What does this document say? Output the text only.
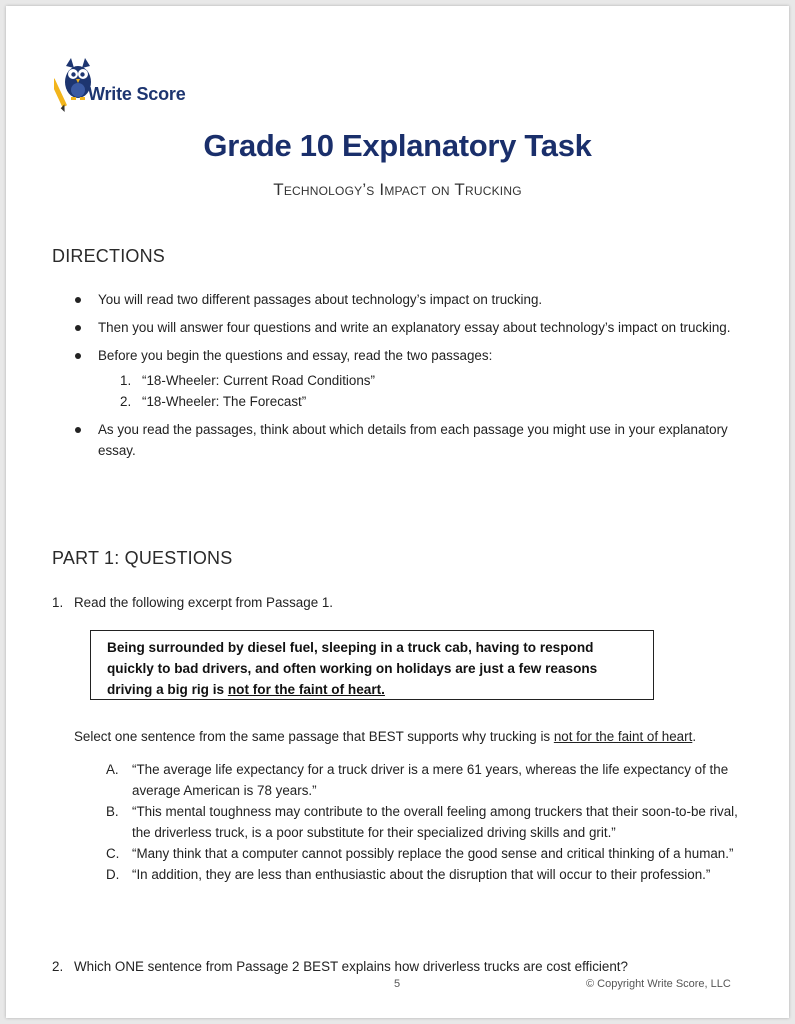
Write Score
Grade 10 Explanatory Task
Technology’s Impact on Trucking
DIRECTIONS
You will read two different passages about technology’s impact on trucking.
Then you will answer four questions and write an explanatory essay about technology’s impact on trucking.
Before you begin the questions and essay, read the two passages:
1. “18-Wheeler: Current Road Conditions”
2. “18-Wheeler: The Forecast”
As you read the passages, think about which details from each passage you might use in your explanatory essay.
PART 1: QUESTIONS
1. Read the following excerpt from Passage 1.
Being surrounded by diesel fuel, sleeping in a truck cab, having to respond quickly to bad drivers, and often working on holidays are just a few reasons driving a big rig is not for the faint of heart.
Select one sentence from the same passage that BEST supports why trucking is not for the faint of heart.
A. “The average life expectancy for a truck driver is a mere 61 years, whereas the life expectancy of the average American is 78 years.”
B. “This mental toughness may contribute to the overall feeling among truckers that their soon-to-be rival, the driverless truck, is a poor substitute for their specialized driving skills and grit.”
C. “Many think that a computer cannot possibly replace the good sense and critical thinking of a human.”
D. “In addition, they are less than enthusiastic about the disruption that will occur to their profession.”
2. Which ONE sentence from Passage 2 BEST explains how driverless trucks are cost efficient?
5	© Copyright Write Score, LLC
